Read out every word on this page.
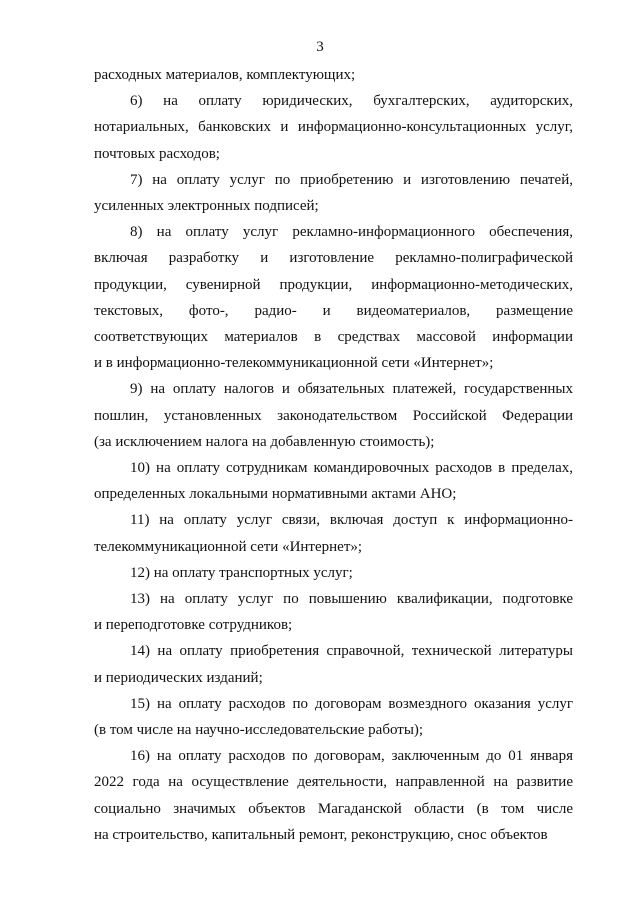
3
расходных материалов, комплектующих;
6)    на    оплату    юридических,    бухгалтерских,    аудиторских,
нотариальных, банковских и информационно-консультационных услуг,
почтовых расходов;
7) на оплату услуг по приобретению и изготовлению печатей,
усиленных электронных подписей;
8) на оплату услуг рекламно-информационного обеспечения,
включая разработку и изготовление рекламно-полиграфической
продукции, сувенирной продукции, информационно-методических,
текстовых, фото-, радио- и видеоматериалов, размещение
соответствующих материалов в средствах массовой информации
и в информационно-телекоммуникационной сети «Интернет»;
9) на оплату налогов и обязательных платежей, государственных
пошлин, установленных законодательством Российской Федерации
(за исключением налога на добавленную стоимость);
10) на оплату сотрудникам командировочных расходов в пределах,
определенных локальными нормативными актами АНО;
11) на оплату услуг связи, включая доступ к информационно-
телекоммуникационной сети «Интернет»;
12) на оплату транспортных услуг;
13) на оплату услуг по повышению квалификации, подготовке
и переподготовке сотрудников;
14) на оплату приобретения справочной, технической литературы
и периодических изданий;
15) на оплату расходов по договорам возмездного оказания услуг
(в том числе на научно-исследовательские работы);
16) на оплату расходов по договорам, заключенным до 01 января
2022 года на осуществление деятельности, направленной на развитие
социально значимых объектов Магаданской области (в том числе
на строительство, капитальный ремонт, реконструкцию, снос объектов
